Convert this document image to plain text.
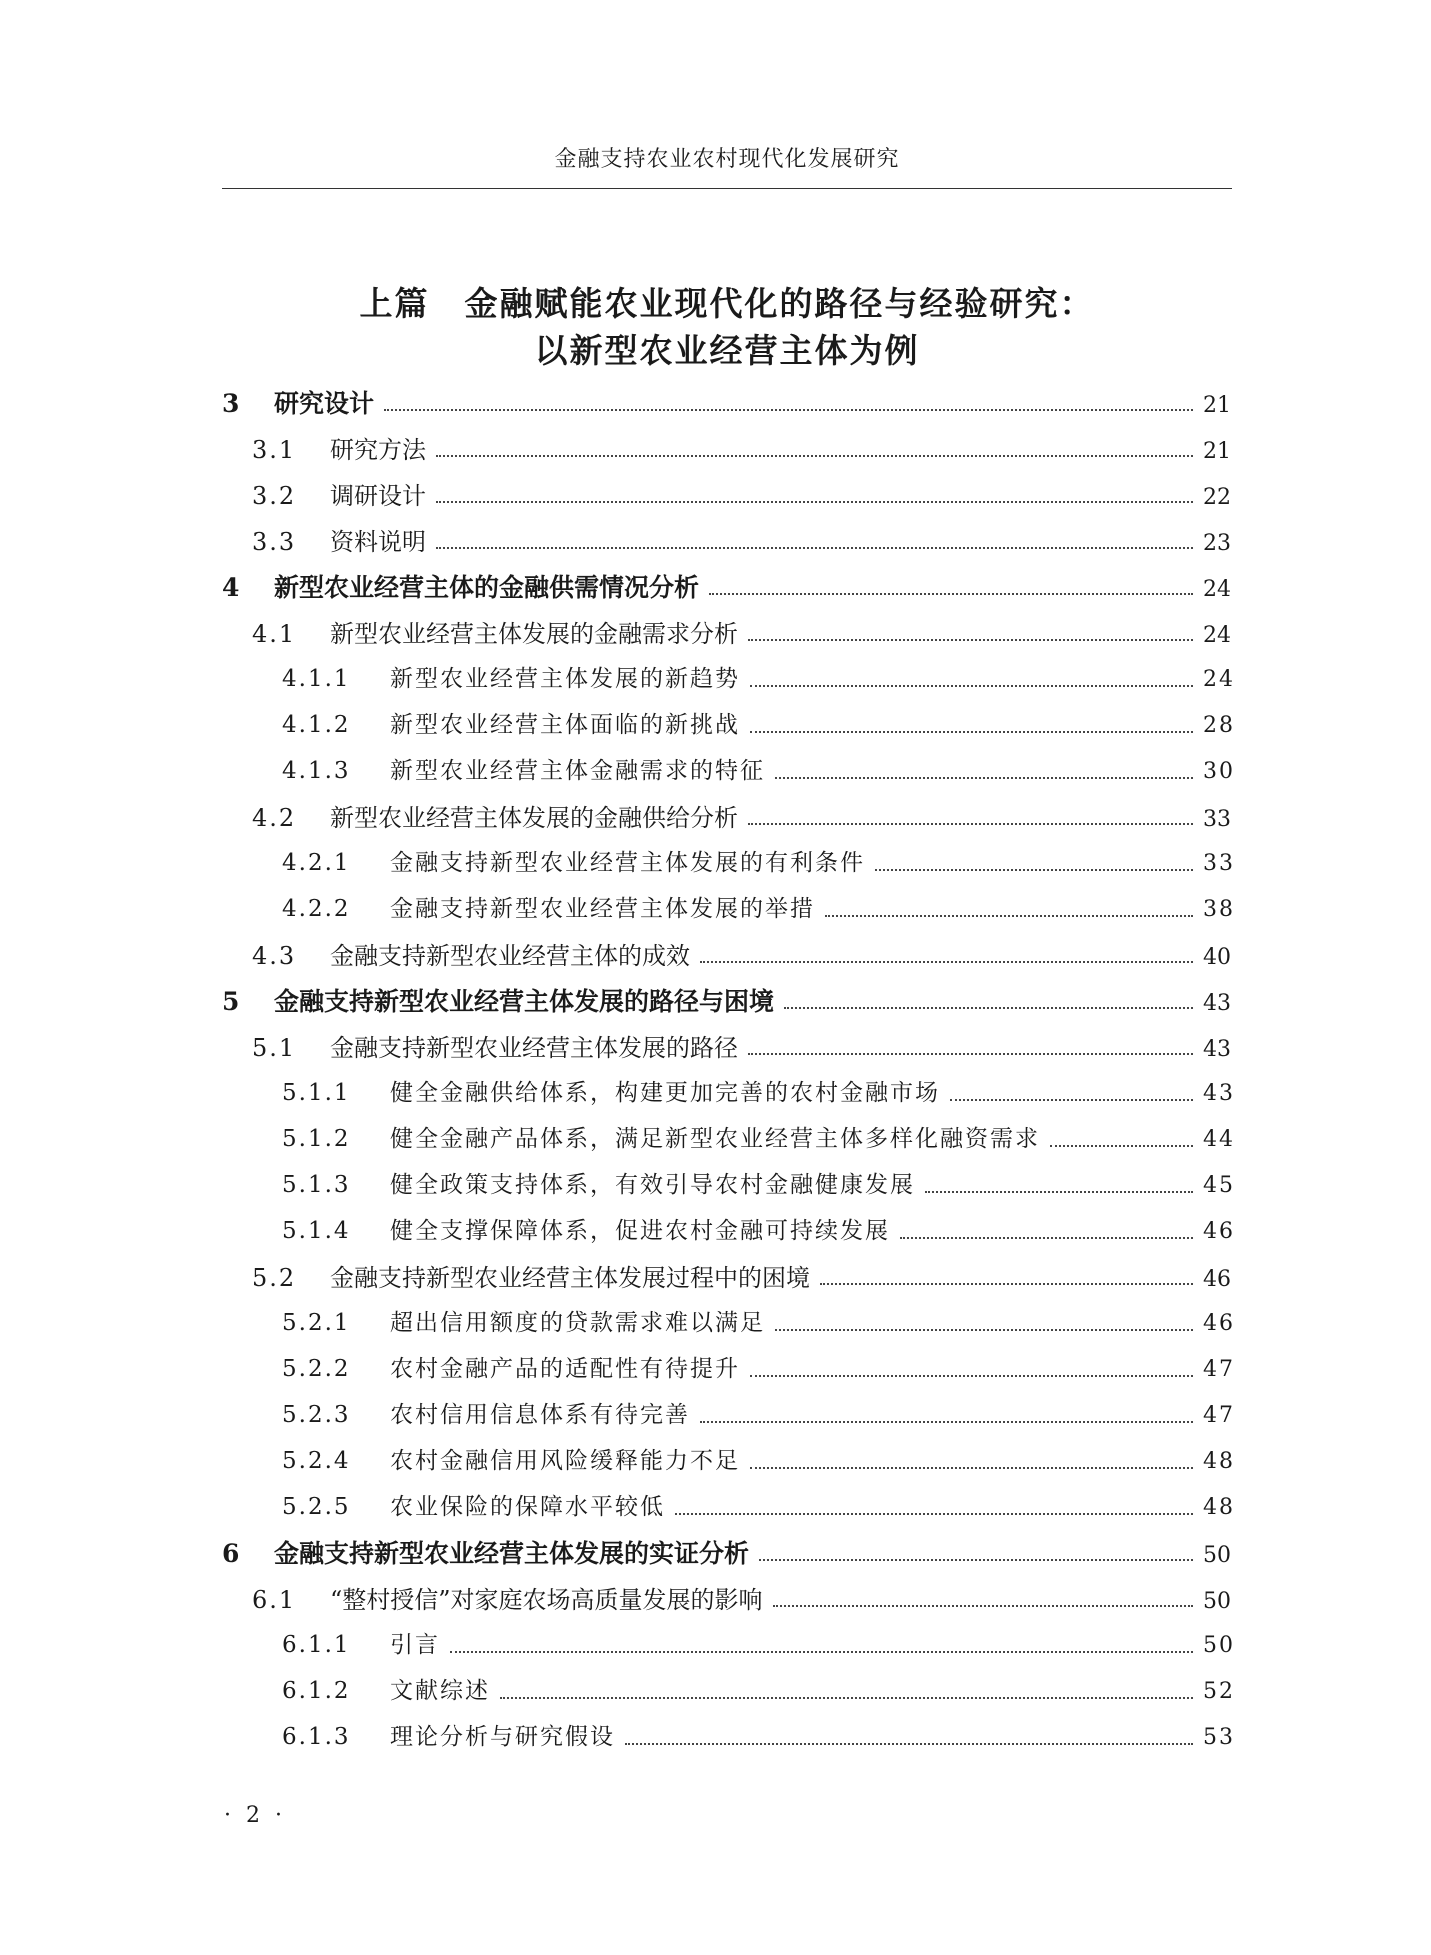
金融支持农业农村现代化发展研究
上篇　金融赋能农业现代化的路径与经验研究：
以新型农业经营主体为例
3	研究设计	21
3.1	研究方法	21
3.2	调研设计	22
3.3	资料说明	23
4	新型农业经营主体的金融供需情况分析	24
4.1	新型农业经营主体发展的金融需求分析	24
4.1.1	新型农业经营主体发展的新趋势	24
4.1.2	新型农业经营主体面临的新挑战	28
4.1.3	新型农业经营主体金融需求的特征	30
4.2	新型农业经营主体发展的金融供给分析	33
4.2.1	金融支持新型农业经营主体发展的有利条件	33
4.2.2	金融支持新型农业经营主体发展的举措	38
4.3	金融支持新型农业经营主体的成效	40
5	金融支持新型农业经营主体发展的路径与困境	43
5.1	金融支持新型农业经营主体发展的路径	43
5.1.1	健全金融供给体系，构建更加完善的农村金融市场	43
5.1.2	健全金融产品体系，满足新型农业经营主体多样化融资需求	44
5.1.3	健全政策支持体系，有效引导农村金融健康发展	45
5.1.4	健全支撑保障体系，促进农村金融可持续发展	46
5.2	金融支持新型农业经营主体发展过程中的困境	46
5.2.1	超出信用额度的贷款需求难以满足	46
5.2.2	农村金融产品的适配性有待提升	47
5.2.3	农村信用信息体系有待完善	47
5.2.4	农村金融信用风险缓释能力不足	48
5.2.5	农业保险的保障水平较低	48
6	金融支持新型农业经营主体发展的实证分析	50
6.1	“整村授信”对家庭农场高质量发展的影响	50
6.1.1	引言	50
6.1.2	文献综述	52
6.1.3	理论分析与研究假设	53
· 2 ·
